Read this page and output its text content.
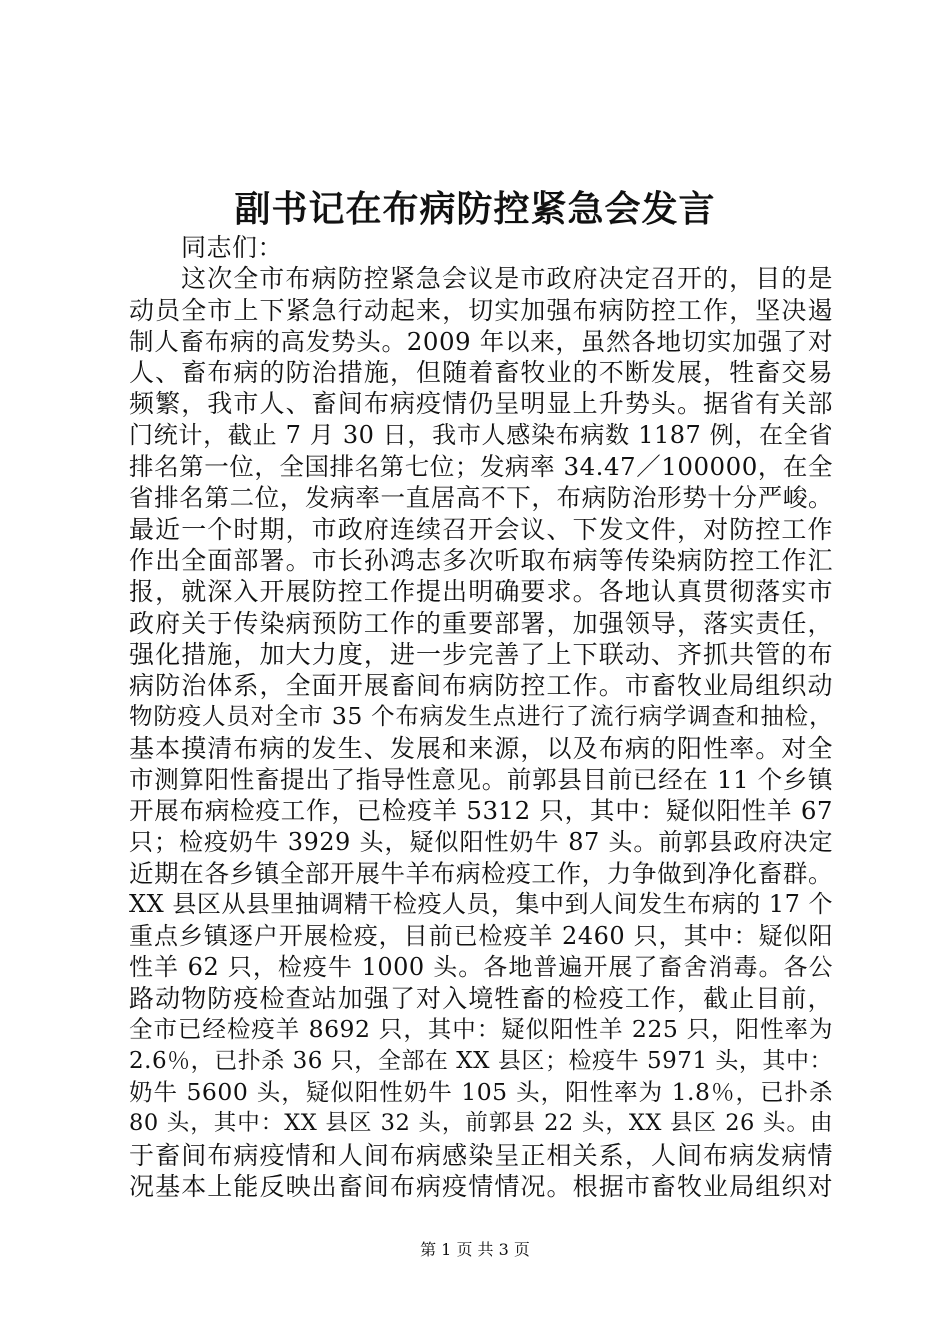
副书记在布病防控紧急会发言
同志们：
这次全市布病防控紧急会议是市政府决定召开的，目的是
动员全市上下紧急行动起来，切实加强布病防控工作，坚决遏
制人畜布病的高发势头。2009 年以来，虽然各地切实加强了对
人、畜布病的防治措施，但随着畜牧业的不断发展，牲畜交易
频繁，我市人、畜间布病疫情仍呈明显上升势头。据省有关部
门统计，截止 7 月 30 日，我市人感染布病数 1187 例，在全省
排名第一位，全国排名第七位；发病率 34.47／100000，在全
省排名第二位，发病率一直居高不下，布病防治形势十分严峻。
最近一个时期，市政府连续召开会议、下发文件，对防控工作
作出全面部署。市长孙鸿志多次听取布病等传染病防控工作汇
报，就深入开展防控工作提出明确要求。各地认真贯彻落实市
政府关于传染病预防工作的重要部署，加强领导，落实责任，
强化措施，加大力度，进一步完善了上下联动、齐抓共管的布
病防治体系，全面开展畜间布病防控工作。市畜牧业局组织动
物防疫人员对全市 35 个布病发生点进行了流行病学调查和抽检，
基本摸清布病的发生、发展和来源，以及布病的阳性率。对全
市测算阳性畜提出了指导性意见。前郭县目前已经在 11 个乡镇
开展布病检疫工作，已检疫羊 5312 只，其中：疑似阳性羊 67
只；检疫奶牛 3929 头，疑似阳性奶牛 87 头。前郭县政府决定
近期在各乡镇全部开展牛羊布病检疫工作，力争做到净化畜群。
XX 县区从县里抽调精干检疫人员，集中到人间发生布病的 17 个
重点乡镇逐户开展检疫，目前已检疫羊 2460 只，其中：疑似阳
性羊 62 只，检疫牛 1000 头。各地普遍开展了畜舍消毒。各公
路动物防疫检查站加强了对入境牲畜的检疫工作，截止目前，
全市已经检疫羊 8692 只，其中：疑似阳性羊 225 只，阳性率为
2.6％，已扑杀 36 只，全部在 XX 县区；检疫牛 5971 头，其中：
奶牛 5600 头，疑似阳性奶牛 105 头，阳性率为 1.8％，已扑杀
80 头，其中：XX 县区 32 头，前郭县 22 头，XX 县区 26 头。由
于畜间布病疫情和人间布病感染呈正相关系，人间布病发病情
况基本上能反映出畜间布病疫情情况。根据市畜牧业局组织对
第 1 页 共 3 页
